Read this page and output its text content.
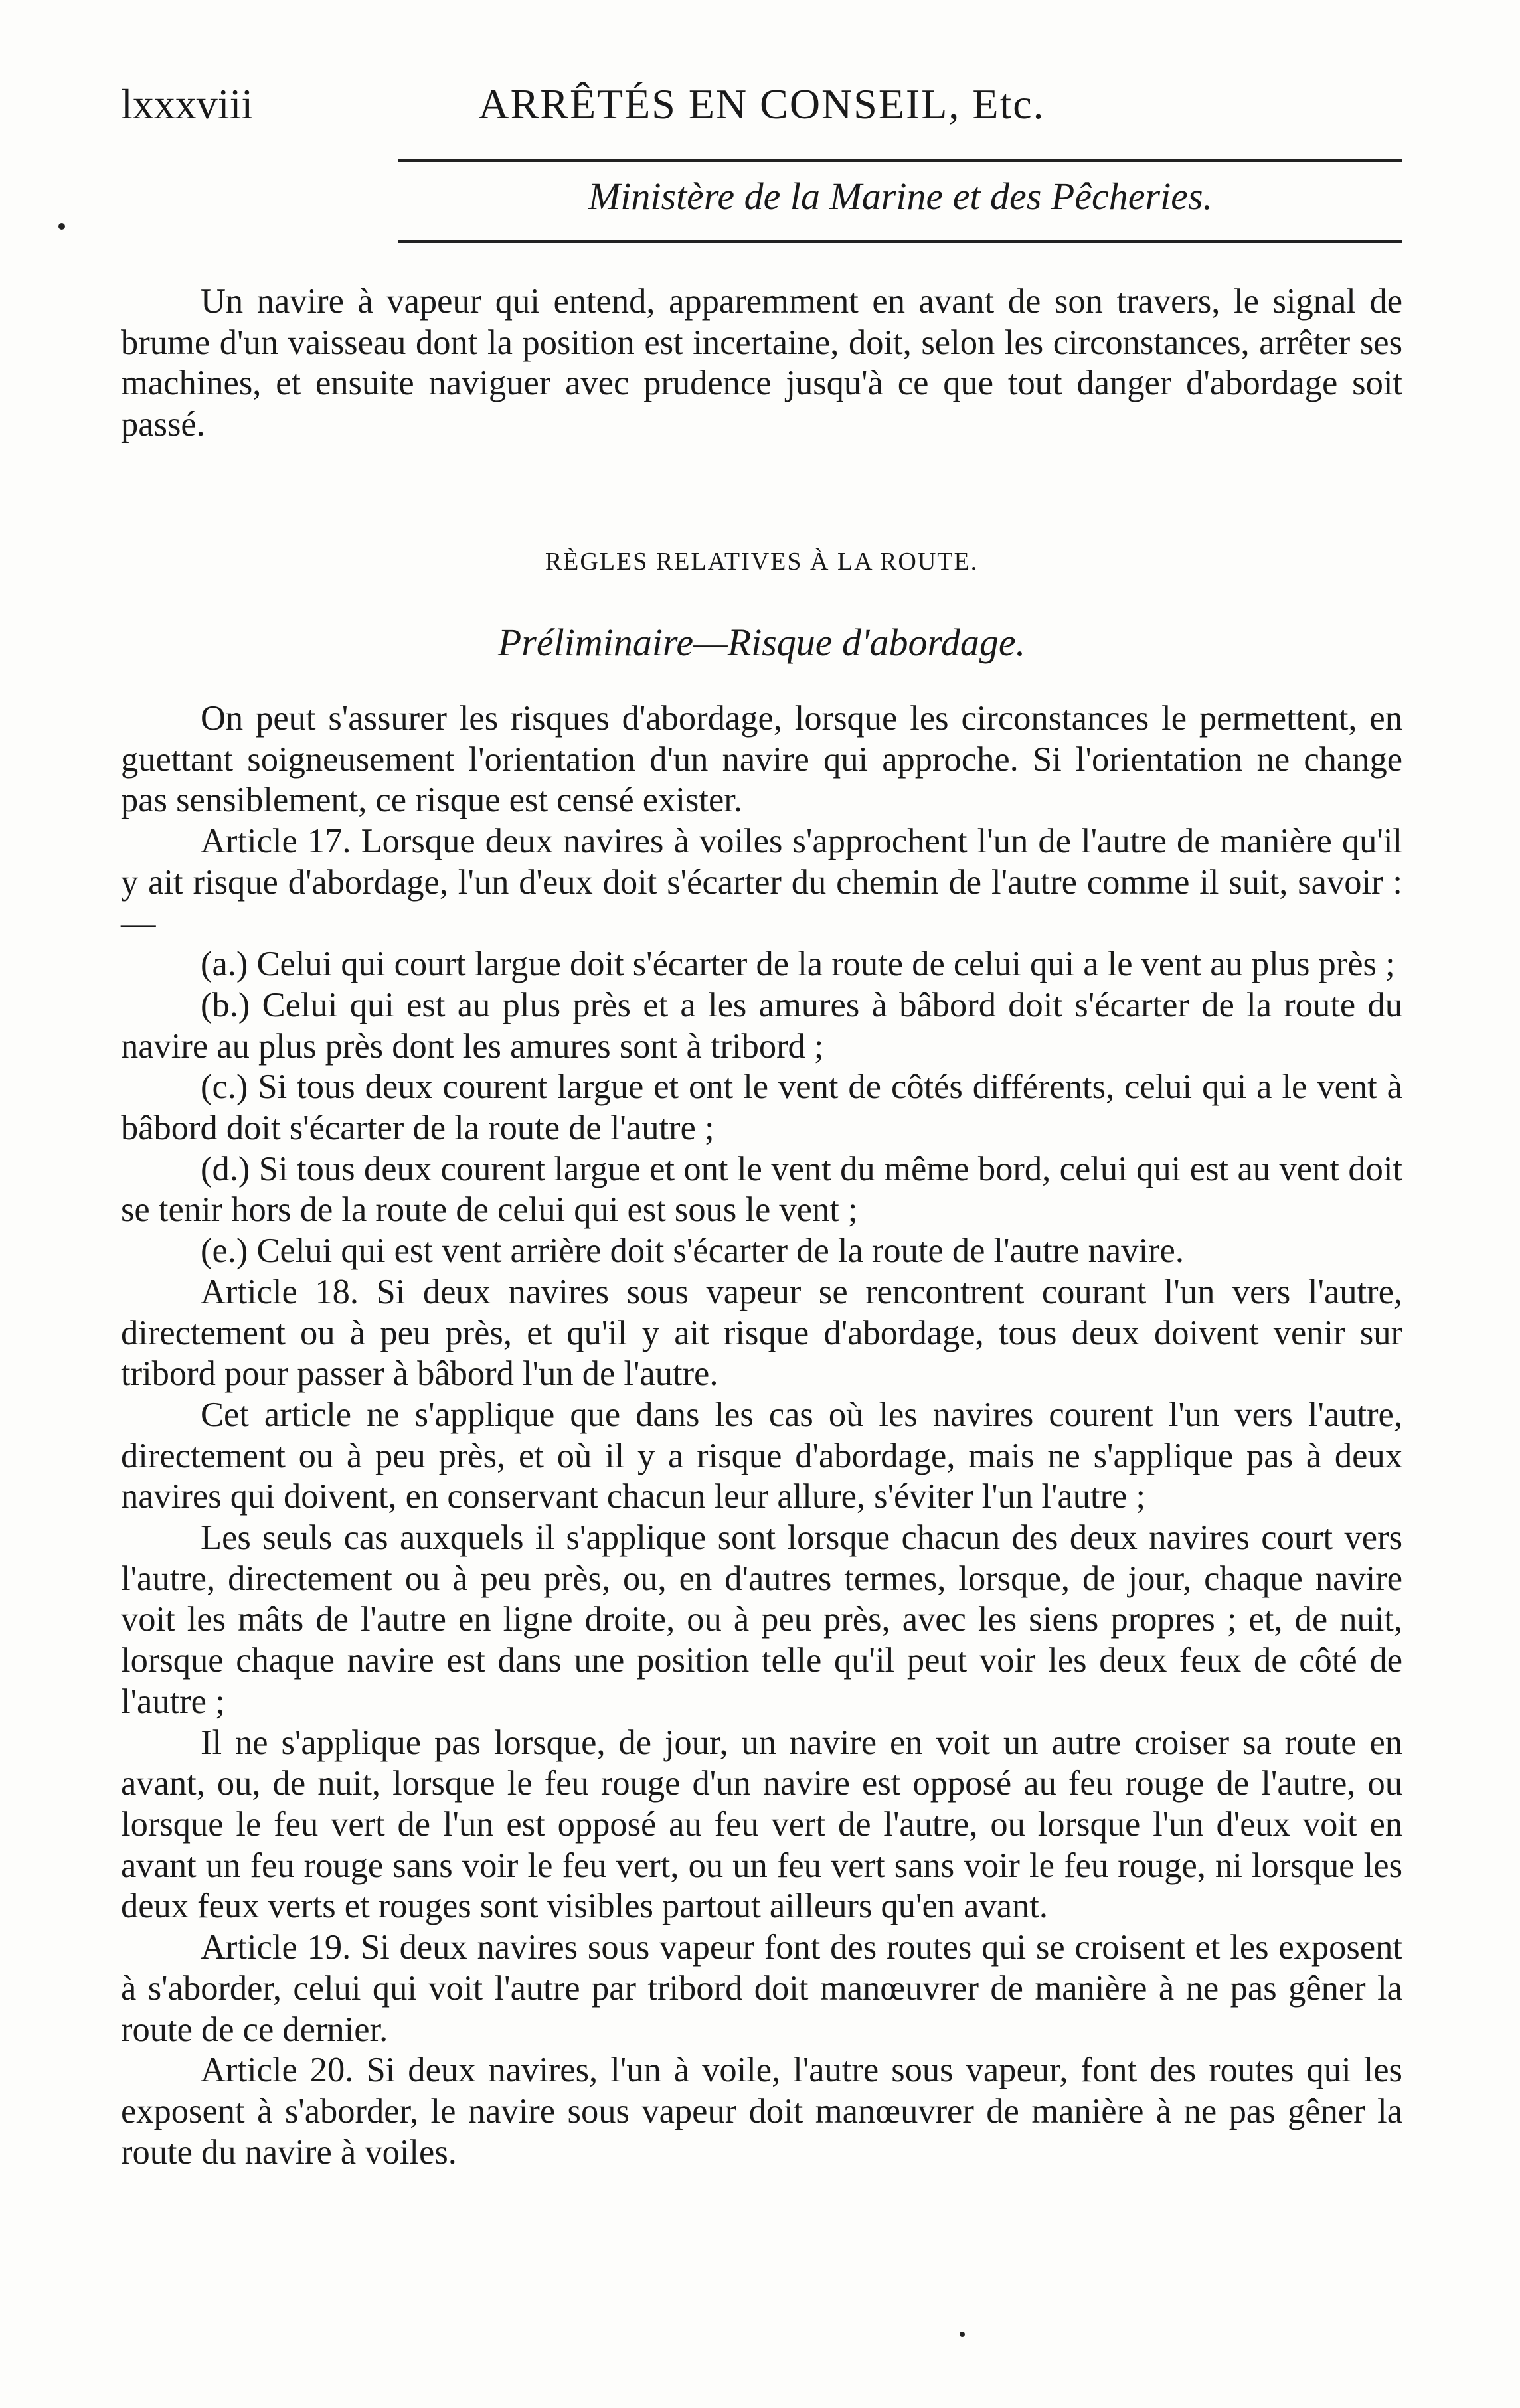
lxxxviii	ARRÊTÉS EN CONSEIL, Etc.
Ministère de la Marine et des Pêcheries.

Un navire à vapeur qui entend, apparemment en avant de son travers, le signal de brume d'un vaisseau dont la position est incertaine, doit, selon les circonstances, arrêter ses machines, et ensuite naviguer avec prudence jusqu'à ce que tout danger d'abordage soit passé.

RÈGLES RELATIVES À LA ROUTE.
Préliminaire—Risque d'abordage.

On peut s'assurer les risques d'abordage, lorsque les circonstances le permettent, en guettant soigneusement l'orientation d'un navire qui approche. Si l'orientation ne change pas sensiblement, ce risque est censé exister.

Article 17. Lorsque deux navires à voiles s'approchent l'un de l'autre de manière qu'il y ait risque d'abordage, l'un d'eux doit s'écarter du chemin de l'autre comme il suit, savoir :—

(a.) Celui qui court largue doit s'écarter de la route de celui qui a le vent au plus près ;

(b.) Celui qui est au plus près et a les amures à bâbord doit s'écarter de la route du navire au plus près dont les amures sont à tribord ;

(c.) Si tous deux courent largue et ont le vent de côtés différents, celui qui a le vent à bâbord doit s'écarter de la route de l'autre ;

(d.) Si tous deux courent largue et ont le vent du même bord, celui qui est au vent doit se tenir hors de la route de celui qui est sous le vent ;

(e.) Celui qui est vent arrière doit s'écarter de la route de l'autre navire.

Article 18. Si deux navires sous vapeur se rencontrent courant l'un vers l'autre, directement ou à peu près, et qu'il y ait risque d'abordage, tous deux doivent venir sur tribord pour passer à bâbord l'un de l'autre.

Cet article ne s'applique que dans les cas où les navires courent l'un vers l'autre, directement ou à peu près, et où il y a risque d'abordage, mais ne s'applique pas à deux navires qui doivent, en conservant chacun leur allure, s'éviter l'un l'autre ;

Les seuls cas auxquels il s'applique sont lorsque chacun des deux navires court vers l'autre, directement ou à peu près, ou, en d'autres termes, lorsque, de jour, chaque navire voit les mâts de l'autre en ligne droite, ou à peu près, avec les siens propres ; et, de nuit, lorsque chaque navire est dans une position telle qu'il peut voir les deux feux de côté de l'autre ;

Il ne s'applique pas lorsque, de jour, un navire en voit un autre croiser sa route en avant, ou, de nuit, lorsque le feu rouge d'un navire est opposé au feu rouge de l'autre, ou lorsque le feu vert de l'un est opposé au feu vert de l'autre, ou lorsque l'un d'eux voit en avant un feu rouge sans voir le feu vert, ou un feu vert sans voir le feu rouge, ni lorsque les deux feux verts et rouges sont visibles partout ailleurs qu'en avant.

Article 19. Si deux navires sous vapeur font des routes qui se croisent et les exposent à s'aborder, celui qui voit l'autre par tribord doit manœuvrer de manière à ne pas gêner la route de ce dernier.

Article 20. Si deux navires, l'un à voile, l'autre sous vapeur, font des routes qui les exposent à s'aborder, le navire sous vapeur doit manœuvrer de manière à ne pas gêner la route du navire à voiles.
